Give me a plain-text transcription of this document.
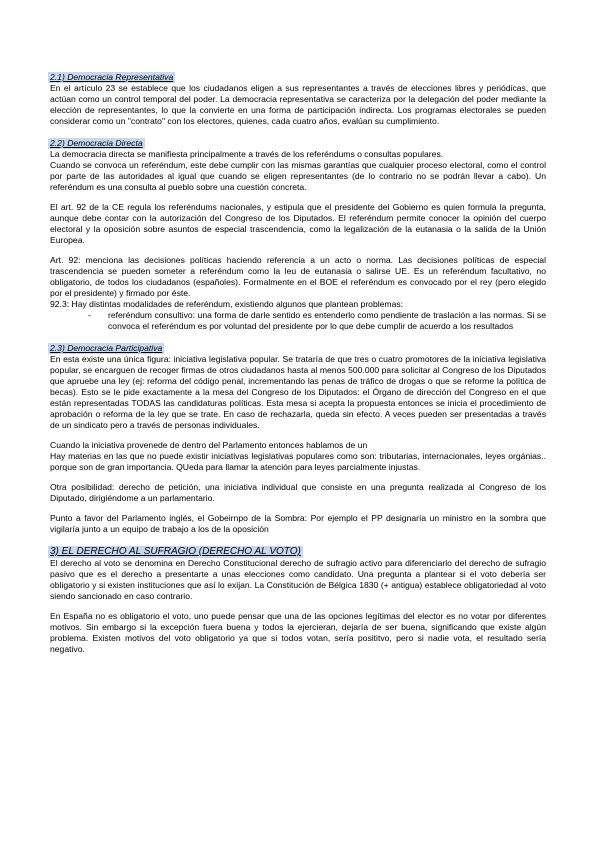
2.1) Democracia Representativa

En el artículo 23 se establece que los ciudadanos eligen a sus representantes a través de elecciones libres y periódicas, que actúan como un control temporal del poder. La democracia representativa se caracteriza por la delegación del poder mediante la elección de representantes, lo que la convierte en una forma de participación indirecta. Los programas electorales se pueden considerar como un "contrato" con los electores, quienes, cada cuatro años, evalúan su cumplimiento.

2.2) Democracia Directa

La democracia directa se manifiesta principalmente a través de los referéndums o consultas populares.

Cuando se convoca un referéndum, este debe cumplir con las mismas garantías que cualquier proceso electoral, como el control por parte de las autoridades al igual que cuando se eligen representantes (de lo contrario no se podrán llevar a cabo). Un referéndum es una consulta al pueblo sobre una cuestión concreta.

El art. 92 de la CE regula los referéndums nacionales, y estipula que el presidente del Gobierno es quien formula la pregunta, aunque debe contar con la autorización del Congreso de los Diputados. El referéndum permite conocer la opinión del cuerpo electoral y la oposición sobre asuntos de especial trascendencia, como la legalización de la eutanasia o la salida de la Unión Europea.

Art. 92: menciona las decisiones políticas haciendo referencia a un acto o norma. Las decisiones políticas de especial trascendencia se pueden someter a referéndum como la leu de eutanasia o salirse UE. Es un referéndum facultativo, no obligatorio, de todos los ciudadanos (españoles). Formalmente en el BOE el referéndum es convocado por el rey (pero elegido por el presidente) y firmado por éste.

92.3: Hay distintas modalidades de referéndum, existiendo algunos que plantean problemas:

- referéndum consultivo: una forma de darle sentido es entenderlo como pendiente de traslación a las normas. Si se convoca el referéndum es por voluntad del presidente por lo que debe cumplir de acuerdo a los resultados
2.3) Democracia Participativa

En esta existe una única figura: iniciativa legislativa popular. Se trataría de que tres o cuatro promotores de la iniciativa legislativa popular, se encarguen de recoger firmas de otros ciudadanos hasta al menos 500.000 para solicitar al Congreso de los Diputados que apruebe una ley (ej: reforma del código penal, incrementando las penas de tráfico de drogas o que se reforme la política de becas). Esto se le pide exactamente a la mesa del Congreso de los Diputados: el Órgano de dirección del Congreso en el que están representadas TODAS las candidaturas políticas. Esta mesa si acepta la propuesta entonces se inicia el procedimiento de aprobación o reforma de la ley que se trate. En caso de rechazarla, queda sin efecto. A veces pueden ser presentadas a través de un sindicato pero a través de personas individuales.

Cuando la iniciativa provenede de dentro del Parlamento entonces hablamos de un

Hay materias en las que no puede existir iniciativas legislativas populares como son: tributarias, internacionales, leyes orgánias.. porque son de gran importancia. QUeda para llamar la atención para leyes parcialmente injustas.

Otra posibilidad: derecho de petición, una iniciativa individual que consiste en una pregunta realizada al Congreso de los Diputado, dirigiéndome a un parlamentario.

Punto a favor del Parlamento inglés, el Gobeirnpo de la Sombra: Por ejemplo el PP designaría un ministro en la sombra que vigilaría junto a un equipo de trabajo a los de la oposición

3) EL DERECHO AL SUFRAGIO (DERECHO AL VOTO)

El derecho al voto se denomina en Derecho Constitucional derecho de sufragio activo para diferenciarlo del derecho de sufragio pasivo que es el derecho a presentarte a unas elecciones como candidato. Una pregunta a plantear si el voto debería ser obligatorio y si existen instituciones que así lo exijan. La Constitución de Bélgica 1830 (+ antigua) establece obligatoriedad al voto siendo sancionado en caso contrario.

En España no es obligatorio el voto, uno puede pensar que una de las opciones legítimas del elector es no votar por diferentes motivos. Sin embargo si la excepción fuera buena y todos la ejercieran, dejaría de ser buena, significando que existe algún problema. Existen motivos del voto obligatorio ya que si todos votan, sería posititvo, pero si nadie vota, el resultado sería negativo.
